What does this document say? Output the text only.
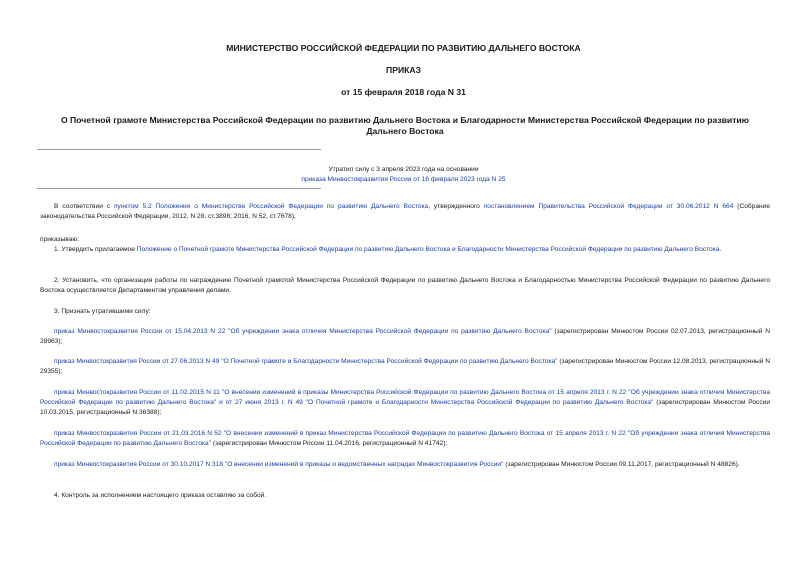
МИНИСТЕРСТВО РОССИЙСКОЙ ФЕДЕРАЦИИ ПО РАЗВИТИЮ ДАЛЬНЕГО ВОСТОКА
ПРИКАЗ
от 15 февраля 2018 года N 31
О Почетной грамоте Министерства Российской Федерации по развитию Дальнего Востока и Благодарности Министерства Российской Федерации по развитию Дальнего Востока
Утратил силу с 3 апреля 2023 года на основании
приказа Минвостокразвития России от 16 февраля 2023 года N 25

В соответствии с пунктом 5.2 Положения о Министерстве Российской Федерации по развитию Дальнего Востока, утвержденного постановлением Правительства Российской Федерации от 30.06.2012 N 664 (Собрание законодательства Российской Федерации, 2012, N 28, ст.3898; 2016, N 52, ст.7678),

приказываю:

1. Утвердить прилагаемое Положение о Почетной грамоте Министерства Российской Федерации по развитию Дальнего Востока и Благодарности Министерства Российской Федерации по развитию Дальнего Востока.

2. Установить, что организация работы по награждению Почетной грамотой Министерства Российской Федерации по развитию Дальнего Востока и Благодарностью Министерства Российской Федерации по развитию Дальнего Востока осуществляется Департаментом управления делами.

3. Признать утратившими силу:

приказ Минвостокразвития России от 15.04.2013 N 22 "Об учреждении знака отличия Министерства Российской Федерации по развитию Дальнего Востока" (зарегистрирован Минюстом России 02.07.2013, регистрационный N 28963);

приказ Минвостокразвития России от 27.06.2013 N 49 "О Почетной грамоте и Благодарности Министерства Российской Федерации по развитию Дальнего Востока" (зарегистрирован Минюстом России 12.08.2013, регистрационный N 29355);

приказ Минвостокразвития России от 11.02.2015 N 11 "О внесении изменений в приказы Министерства Российской Федерации по развитию Дальнего Востока от 15 апреля 2013 г. N 22 "Об учреждении знака отличия Министерства Российской Федерации по развитию Дальнего Востока" и от 27 июня 2013 г. N 49 "О Почетной грамоте и Благодарности Министерства Российской Федерации по развитию Дальнего Востока" (зарегистрирован Минюстом России 10.03.2015, регистрационный N 36388);

приказ Минвостокразвития России от 21.03.2016 N 52 "О внесении изменений в приказ Министерства Российской Федерации по развитию Дальнего Востока от 15 апреля 2013 г. N 22 "Об учреждении знака отличия Министерства Российской Федерации по развитию Дальнего Востока" (зарегистрирован Минюстом России 11.04.2016, регистрационный N 41742);

приказ Минвостокразвития России от 30.10.2017 N 318 "О внесении изменений в приказы о ведомственных наградах Минвостокразвития России" (зарегистрирован Минюстом России 09.11.2017, регистрационный N 48826).

4. Контроль за исполнением настоящего приказа оставляю за собой.
